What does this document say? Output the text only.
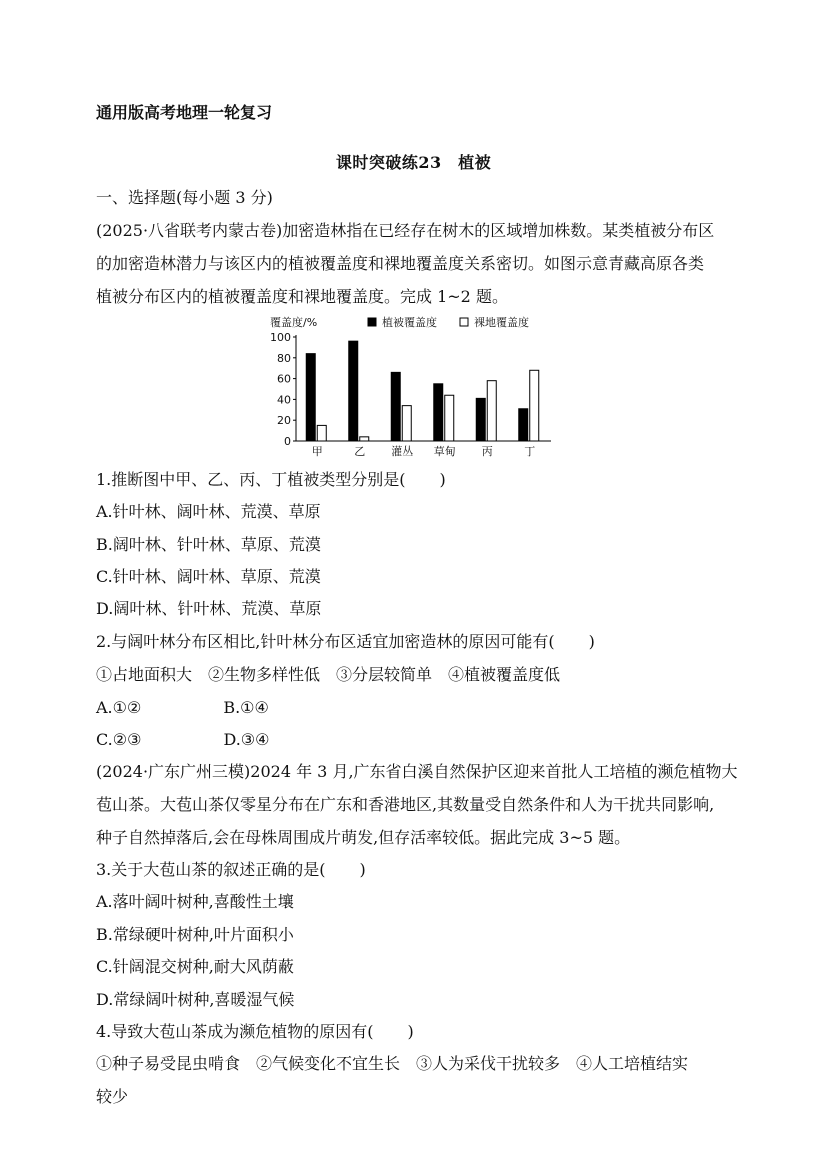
通用版高考地理一轮复习
课时突破练23　植被
一、选择题(每小题 3 分)
(2025·八省联考内蒙古卷)加密造林指在已经存在树木的区域增加株数。某类植被分布区
的加密造林潜力与该区内的植被覆盖度和裸地覆盖度关系密切。如图示意青藏高原各类
植被分布区内的植被覆盖度和裸地覆盖度。完成 1~2 题。
覆盖度/%	植被覆盖度	裸地覆盖度
0
20
40
60
80
100
甲	乙 灌丛 草甸 丙	丁
1.推断图中甲、乙、丙、丁植被类型分别是( )
A.针叶林、阔叶林、荒漠、草原
B.阔叶林、针叶林、草原、荒漠
C.针叶林、阔叶林、草原、荒漠
D.阔叶林、针叶林、荒漠、草原
2.与阔叶林分布区相比,针叶林分布区适宜加密造林的原因可能有( )
①占地面积大　②生物多样性低　③分层较简单　④植被覆盖度低
A.①②	B.①④
C.②③	D.③④
(2024·广东广州三模)2024 年 3 月,广东省白溪自然保护区迎来首批人工培植的濒危植物大
苞山茶。大苞山茶仅零星分布在广东和香港地区,其数量受自然条件和人为干扰共同影响,
种子自然掉落后,会在母株周围成片萌发,但存活率较低。据此完成 3~5 题。
3.关于大苞山茶的叙述正确的是( )
A.落叶阔叶树种,喜酸性土壤
B.常绿硬叶树种,叶片面积小
C.针阔混交树种,耐大风荫蔽
D.常绿阔叶树种,喜暖湿气候
4.导致大苞山茶成为濒危植物的原因有( )
①种子易受昆虫啃食　②气候变化不宜生长　③人为采伐干扰较多　④人工培植结实
较少
